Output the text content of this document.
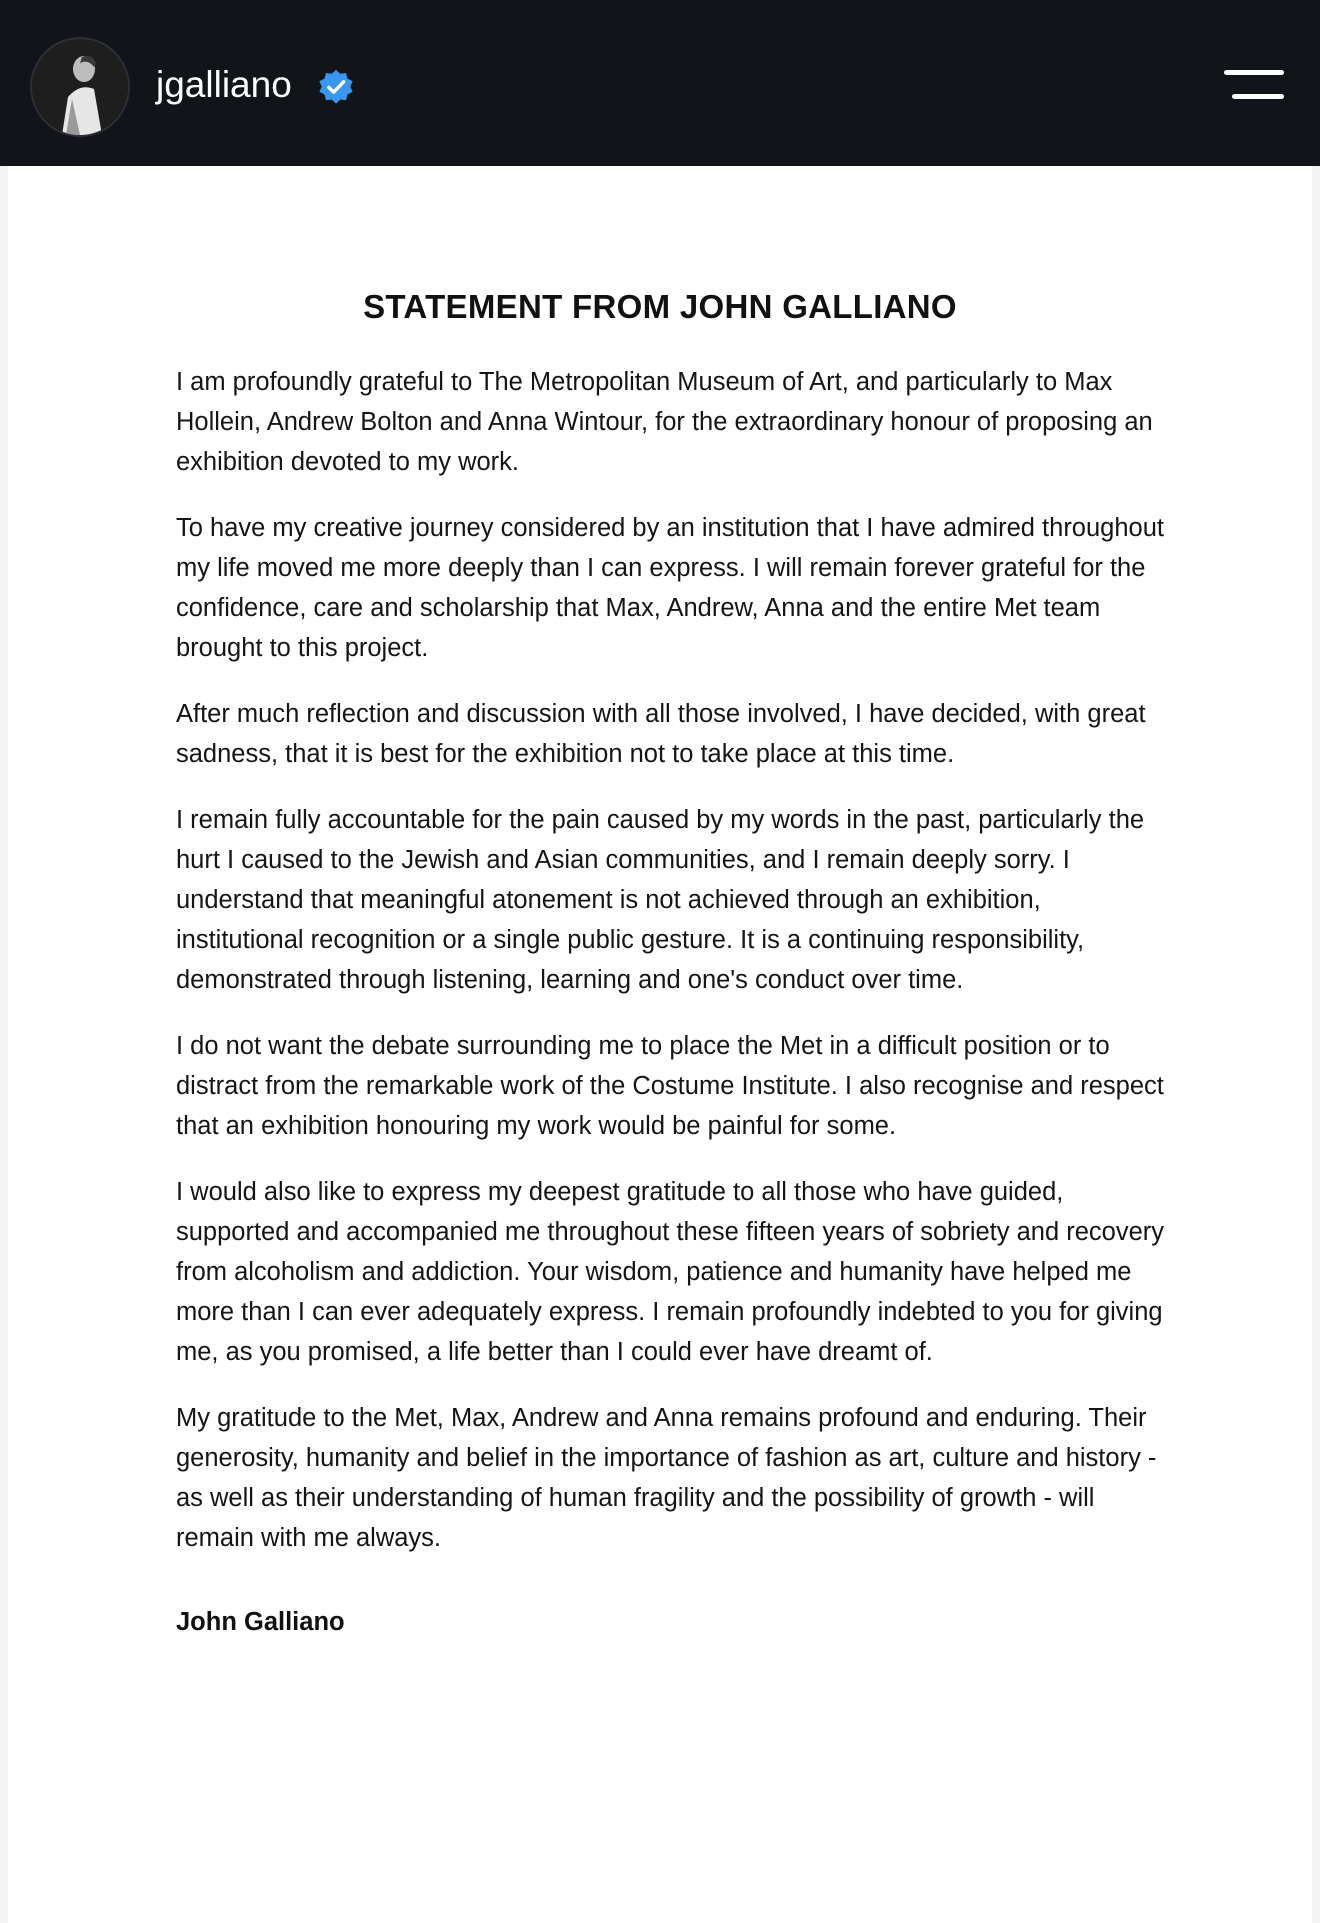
jgalliano
STATEMENT FROM JOHN GALLIANO

I am profoundly grateful to The Metropolitan Museum of Art, and particularly to Max Hollein, Andrew Bolton and Anna Wintour, for the extraordinary honour of proposing an exhibition devoted to my work.

To have my creative journey considered by an institution that I have admired throughout my life moved me more deeply than I can express. I will remain forever grateful for the confidence, care and scholarship that Max, Andrew, Anna and the entire Met team brought to this project.

After much reflection and discussion with all those involved, I have decided, with great sadness, that it is best for the exhibition not to take place at this time.

I remain fully accountable for the pain caused by my words in the past, particularly the hurt I caused to the Jewish and Asian communities, and I remain deeply sorry. I understand that meaningful atonement is not achieved through an exhibition, institutional recognition or a single public gesture. It is a continuing responsibility, demonstrated through listening, learning and one's conduct over time.

I do not want the debate surrounding me to place the Met in a difficult position or to distract from the remarkable work of the Costume Institute. I also recognise and respect that an exhibition honouring my work would be painful for some.

I would also like to express my deepest gratitude to all those who have guided, supported and accompanied me throughout these fifteen years of sobriety and recovery from alcoholism and addiction. Your wisdom, patience and humanity have helped me more than I can ever adequately express. I remain profoundly indebted to you for giving me, as you promised, a life better than I could ever have dreamt of.

My gratitude to the Met, Max, Andrew and Anna remains profound and enduring. Their generosity, humanity and belief in the importance of fashion as art, culture and history - as well as their understanding of human fragility and the possibility of growth - will remain with me always.

John Galliano
